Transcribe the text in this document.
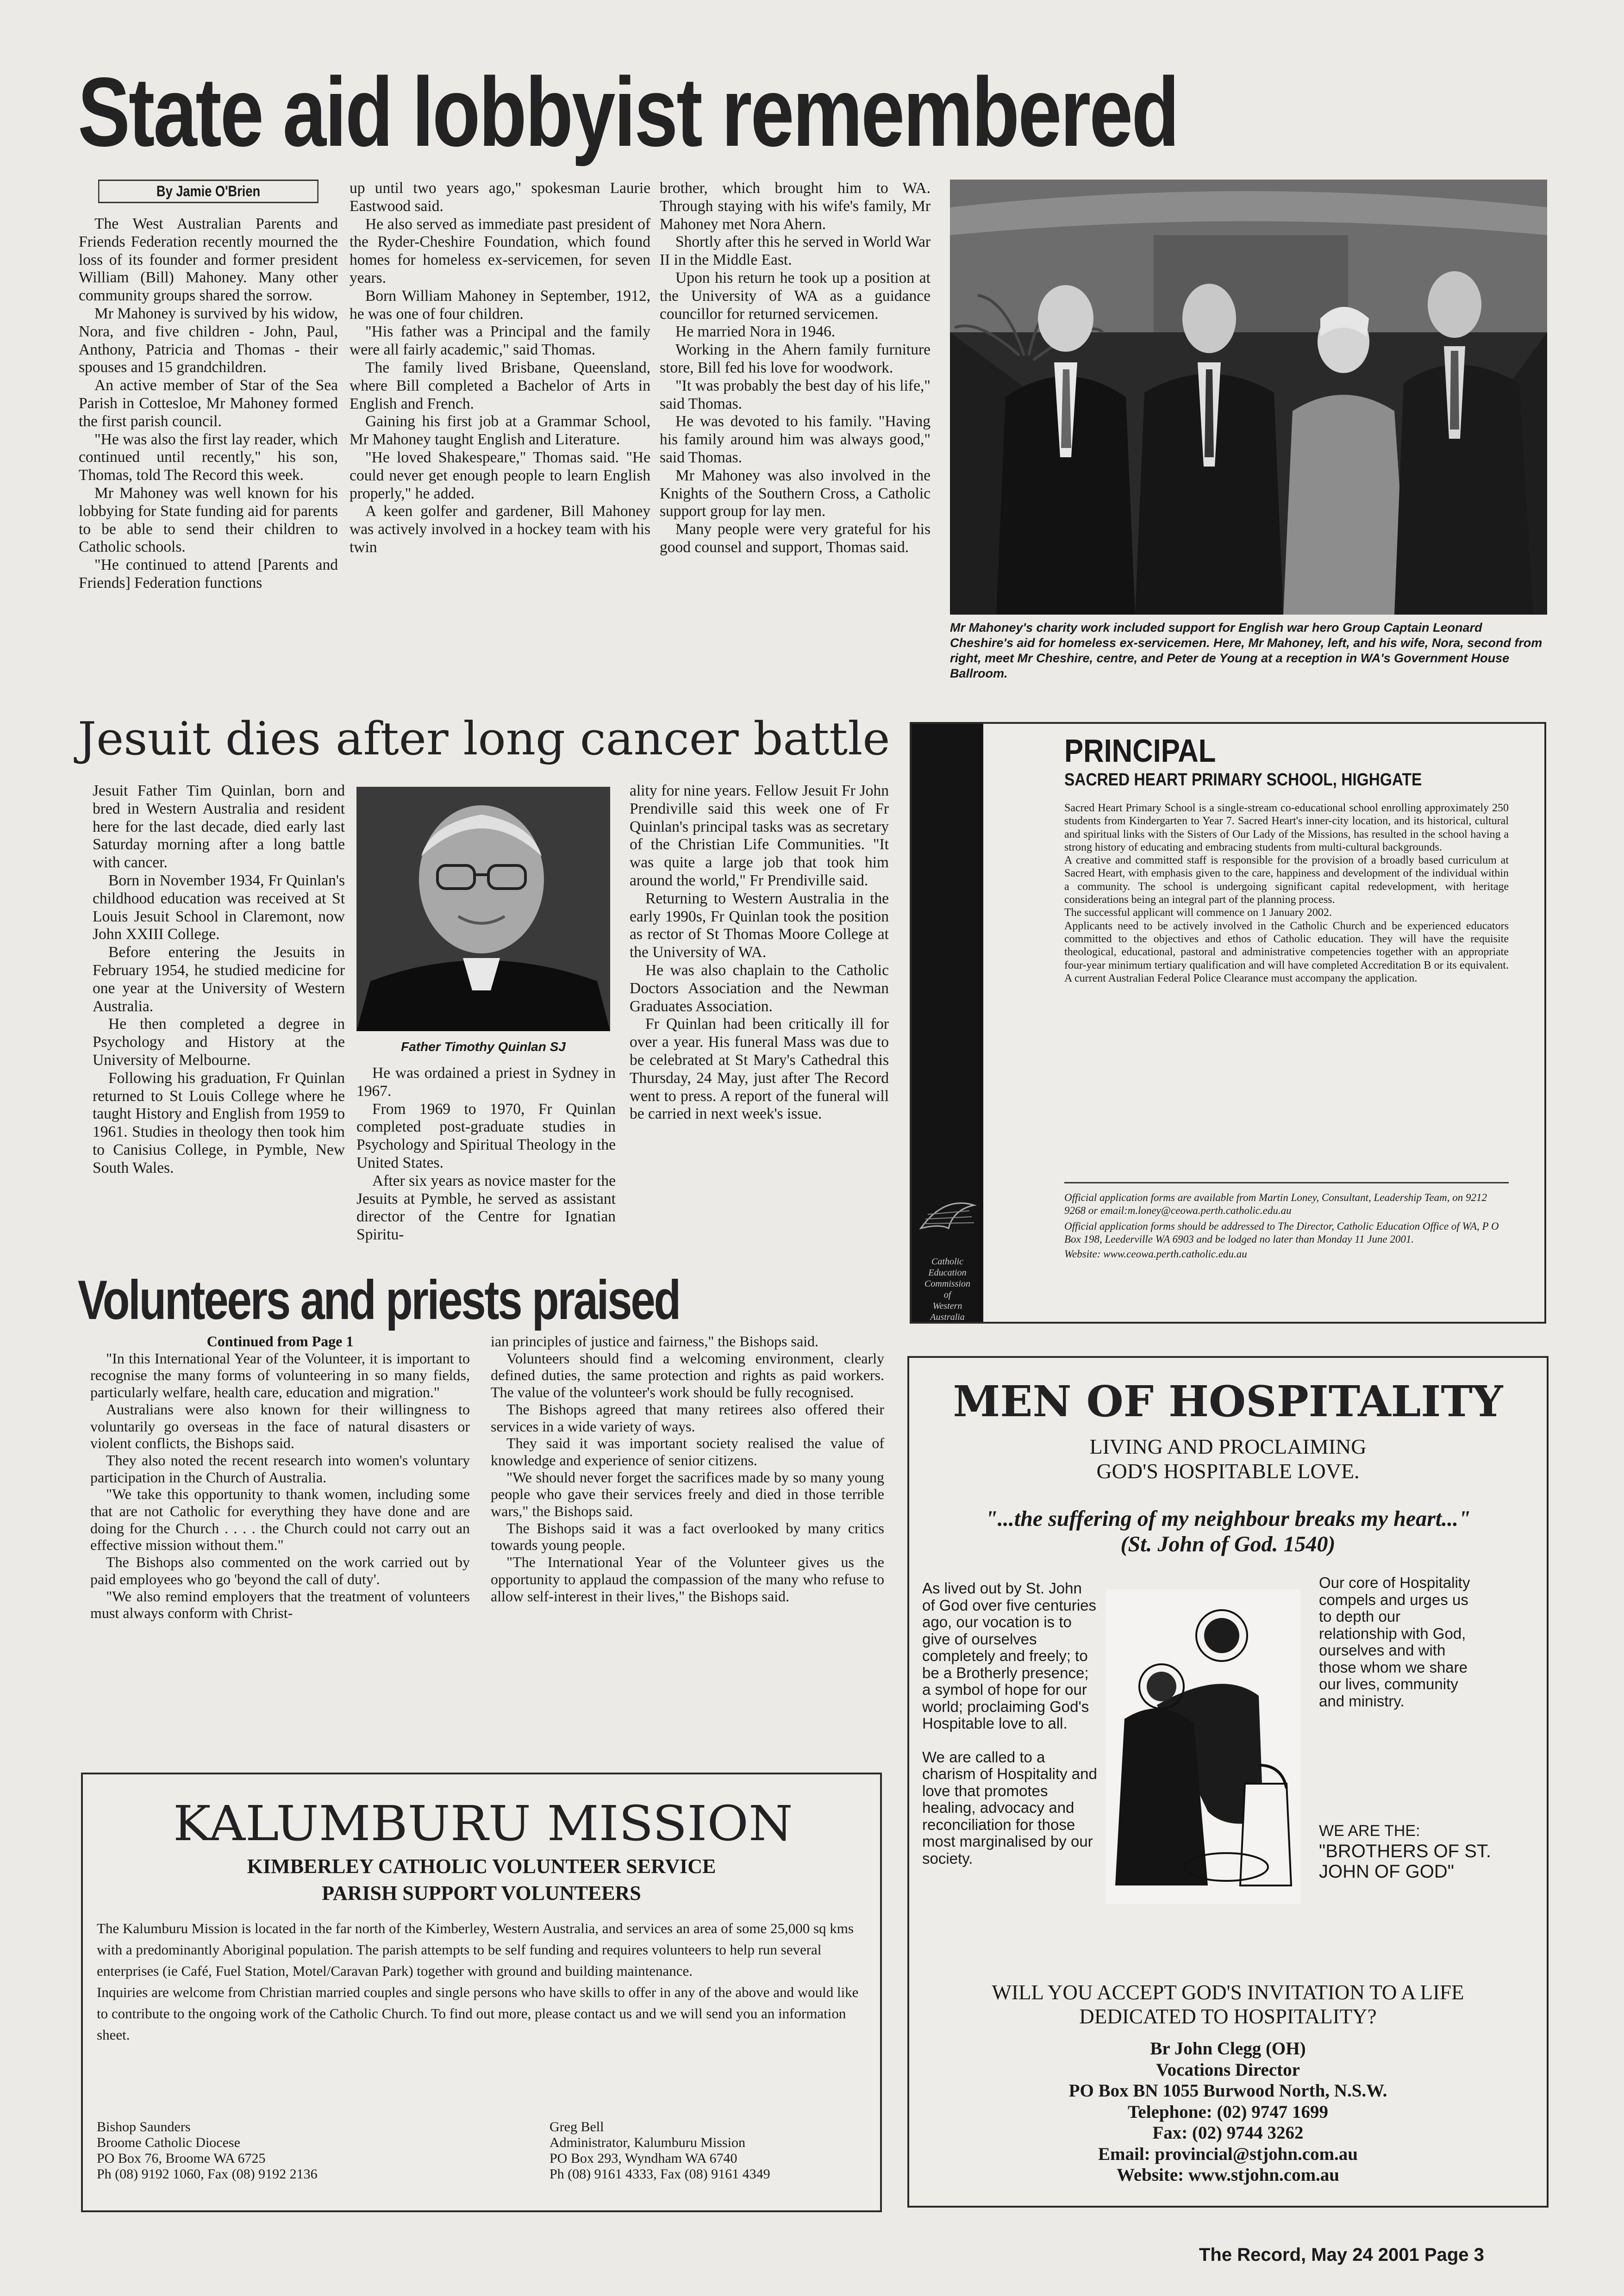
State aid lobbyist remembered
By Jamie O'Brien

The West Australian Parents and Friends Federation recently mourned the loss of its founder and former president William (Bill) Mahoney. Many other community groups shared the sorrow.

Mr Mahoney is survived by his widow, Nora, and five children - John, Paul, Anthony, Patricia and Thomas - their spouses and 15 grandchildren.

An active member of Star of the Sea Parish in Cottesloe, Mr Mahoney formed the first parish council.

"He was also the first lay reader, which continued until recently," his son, Thomas, told The Record this week.

Mr Mahoney was well known for his lobbying for State funding aid for parents to be able to send their children to Catholic schools.

"He continued to attend [Parents and Friends] Federation functions

up until two years ago," spokesman Laurie Eastwood said.

He also served as immediate past president of the Ryder-Cheshire Foundation, which found homes for homeless ex-servicemen, for seven years.

Born William Mahoney in September, 1912, he was one of four children.

"His father was a Principal and the family were all fairly academic," said Thomas.

The family lived Brisbane, Queensland, where Bill completed a Bachelor of Arts in English and French.

Gaining his first job at a Grammar School, Mr Mahoney taught English and Literature.

"He loved Shakespeare," Thomas said. "He could never get enough people to learn English properly," he added.

A keen golfer and gardener, Bill Mahoney was actively involved in a hockey team with his twin

brother, which brought him to WA. Through staying with his wife's family, Mr Mahoney met Nora Ahern.

Shortly after this he served in World War II in the Middle East.

Upon his return he took up a position at the University of WA as a guidance councillor for returned servicemen.

He married Nora in 1946.

Working in the Ahern family furniture store, Bill fed his love for woodwork.

"It was probably the best day of his life," said Thomas.

He was devoted to his family. "Having his family around him was always good," said Thomas.

Mr Mahoney was also involved in the Knights of the Southern Cross, a Catholic support group for lay men.

Many people were very grateful for his good counsel and support, Thomas said.

Mr Mahoney's charity work included support for English war hero Group Captain Leonard Cheshire's aid for homeless ex-servicemen. Here, Mr Mahoney, left, and his wife, Nora, second from right, meet Mr Cheshire, centre, and Peter de Young at a reception in WA's Government House Ballroom.
Jesuit dies after long cancer battle

Jesuit Father Tim Quinlan, born and bred in Western Australia and resident here for the last decade, died early last Saturday morning after a long battle with cancer.

Born in November 1934, Fr Quinlan's childhood education was received at St Louis Jesuit School in Claremont, now John XXIII College.

Before entering the Jesuits in February 1954, he studied medicine for one year at the University of Western Australia.

He then completed a degree in Psychology and History at the University of Melbourne.

Following his graduation, Fr Quinlan returned to St Louis College where he taught History and English from 1959 to 1961. Studies in theology then took him to Canisius College, in Pymble, New South Wales.

Father Timothy Quinlan SJ

He was ordained a priest in Sydney in 1967.

From 1969 to 1970, Fr Quinlan completed post-graduate studies in Psychology and Spiritual Theology in the United States.

After six years as novice master for the Jesuits at Pymble, he served as assistant director of the Centre for Ignatian Spiritu-

ality for nine years. Fellow Jesuit Fr John Prendiville said this week one of Fr Quinlan's principal tasks was as secretary of the Christian Life Communities. "It was quite a large job that took him around the world," Fr Prendiville said.

Returning to Western Australia in the early 1990s, Fr Quinlan took the position as rector of St Thomas Moore College at the University of WA.

He was also chaplain to the Catholic Doctors Association and the Newman Graduates Association.

Fr Quinlan had been critically ill for over a year. His funeral Mass was due to be celebrated at St Mary's Cathedral this Thursday, 24 May, just after The Record went to press. A report of the funeral will be carried in next week's issue.

Catholic
Education
Commission
of
Western
Australia
PRINCIPAL
SACRED HEART PRIMARY SCHOOL, HIGHGATE

Sacred Heart Primary School is a single-stream co-educational school enrolling approximately 250 students from Kindergarten to Year 7. Sacred Heart's inner-city location, and its historical, cultural and spiritual links with the Sisters of Our Lady of the Missions, has resulted in the school having a strong history of educating and embracing students from multi-cultural backgrounds.

A creative and committed staff is responsible for the provision of a broadly based curriculum at Sacred Heart, with emphasis given to the care, happiness and development of the individual within a community. The school is undergoing significant capital redevelopment, with heritage considerations being an integral part of the planning process.

The successful applicant will commence on 1 January 2002.

Applicants need to be actively involved in the Catholic Church and be experienced educators committed to the objectives and ethos of Catholic education. They will have the requisite theological, educational, pastoral and administrative competencies together with an appropriate four-year minimum tertiary qualification and will have completed Accreditation B or its equivalent. A current Australian Federal Police Clearance must accompany the application.

Official application forms are available from Martin Loney, Consultant, Leadership Team, on 9212 9268 or email:m.loney@ceowa.perth.catholic.edu.au
Official application forms should be addressed to The Director, Catholic Education Office of WA, P O Box 198, Leederville WA 6903 and be lodged no later than Monday 11 June 2001.
Website: www.ceowa.perth.catholic.edu.au
Volunteers and priests praised
Continued from Page 1

"In this International Year of the Volunteer, it is important to recognise the many forms of volunteering in so many fields, particularly welfare, health care, education and migration."

Australians were also known for their willingness to voluntarily go overseas in the face of natural disasters or violent conflicts, the Bishops said.

They also noted the recent research into women's voluntary participation in the Church of Australia.

"We take this opportunity to thank women, including some that are not Catholic for everything they have done and are doing for the Church . . . . the Church could not carry out an effective mission without them."

The Bishops also commented on the work carried out by paid employees who go 'beyond the call of duty'.

"We also remind employers that the treatment of volunteers must always conform with Christ-

ian principles of justice and fairness," the Bishops said.

Volunteers should find a welcoming environment, clearly defined duties, the same protection and rights as paid workers. The value of the volunteer's work should be fully recognised.

The Bishops agreed that many retirees also offered their services in a wide variety of ways.

They said it was important society realised the value of knowledge and experience of senior citizens.

"We should never forget the sacrifices made by so many young people who gave their services freely and died in those terrible wars," the Bishops said.

The Bishops said it was a fact overlooked by many critics towards young people.

"The International Year of the Volunteer gives us the opportunity to applaud the compassion of the many who refuse to allow self-interest in their lives," the Bishops said.

MEN OF HOSPITALITY
LIVING AND PROCLAIMING
GOD'S HOSPITABLE LOVE.
"...the suffering of my neighbour breaks my heart..."
(St. John of God. 1540)
As lived out by St. John of God over five centuries ago, our vocation is to give of ourselves completely and freely; to be a Brotherly presence; a symbol of hope for our world; proclaiming God's Hospitable love to all.
We are called to a charism of Hospitality and love that promotes healing, advocacy and reconciliation for those most marginalised by our society.
Our core of Hospitality compels and urges us to depth our relationship with God, ourselves and with those whom we share our lives, community and ministry.
WE ARE THE:
"BROTHERS OF ST. JOHN OF GOD"
WILL YOU ACCEPT GOD'S INVITATION TO A LIFE
DEDICATED TO HOSPITALITY?
Br John Clegg (OH)
Vocations Director
PO Box BN 1055 Burwood North, N.S.W.
Telephone: (02) 9747 1699
Fax: (02) 9744 3262
Email: provincial@stjohn.com.au
Website: www.stjohn.com.au
KALUMBURU MISSION
KIMBERLEY CATHOLIC VOLUNTEER SERVICE
PARISH SUPPORT VOLUNTEERS
The Kalumburu Mission is located in the far north of the Kimberley, Western Australia, and services an area of some 25,000 sq kms with a predominantly Aboriginal population. The parish attempts to be self funding and requires volunteers to help run several enterprises (ie Café, Fuel Station, Motel/Caravan Park) together with ground and building maintenance.
Inquiries are welcome from Christian married couples and single persons who have skills to offer in any of the above and would like to contribute to the ongoing work of the Catholic Church. To find out more, please contact us and we will send you an information sheet.
Bishop Saunders
Broome Catholic Diocese
PO Box 76, Broome WA 6725
Ph (08) 9192 1060, Fax (08) 9192 2136
Greg Bell
Administrator, Kalumburu Mission
PO Box 293, Wyndham WA 6740
Ph (08) 9161 4333, Fax (08) 9161 4349
The Record, May 24 2001 Page 3
